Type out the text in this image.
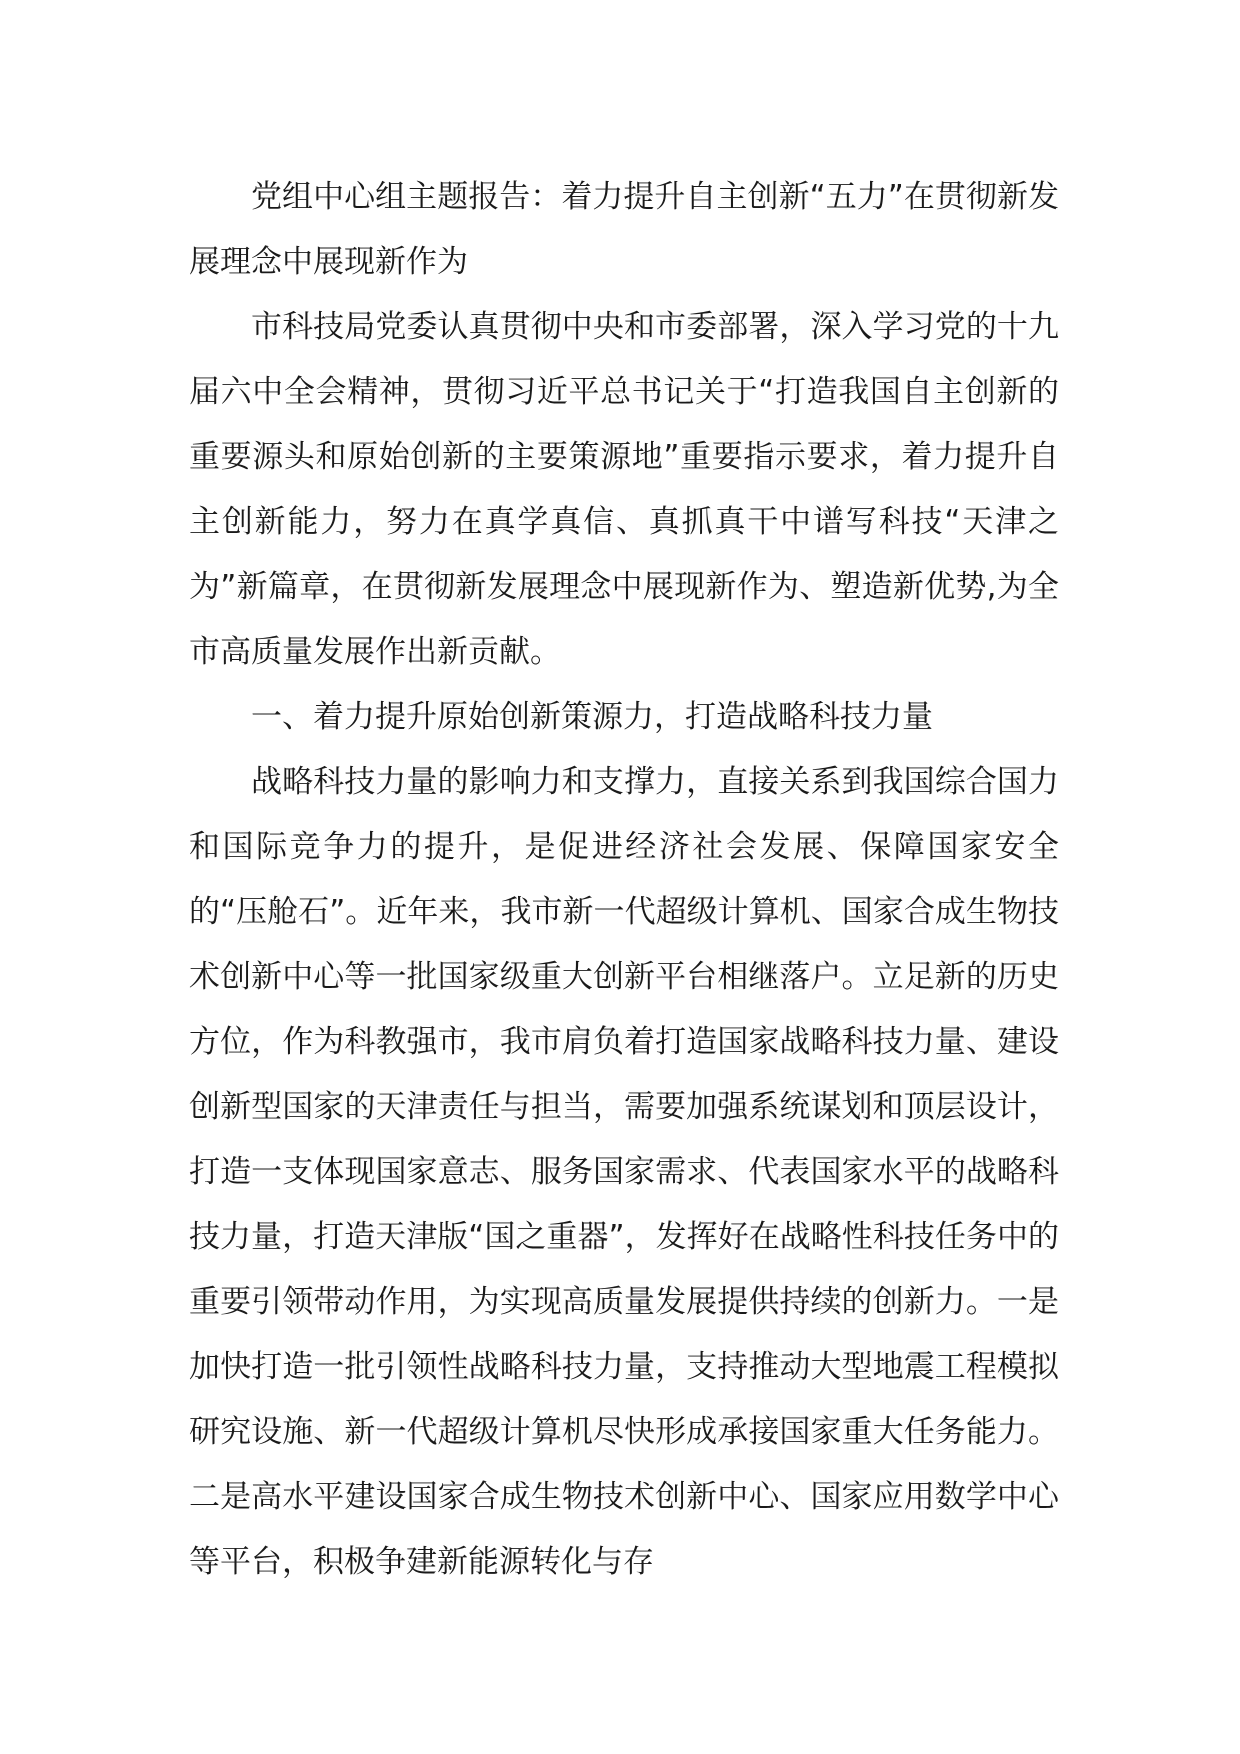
党组中心组主题报告：着力提升自主创新“五力”在贯彻新发展理念中展现新作为

市科技局党委认真贯彻中央和市委部署，深入学习党的十九届六中全会精神，贯彻习近平总书记关于“打造我国自主创新的重要源头和原始创新的主要策源地”重要指示要求，着力提升自主创新能力，努力在真学真信、真抓真干中谱写科技“天津之为”新篇章，在贯彻新发展理念中展现新作为、塑造新优势,为全市高质量发展作出新贡献。

一、着力提升原始创新策源力，打造战略科技力量

战略科技力量的影响力和支撑力，直接关系到我国综合国力和国际竞争力的提升，是促进经济社会发展、保障国家安全的“压舱石”。近年来，我市新一代超级计算机、国家合成生物技术创新中心等一批国家级重大创新平台相继落户。立足新的历史方位，作为科教强市，我市肩负着打造国家战略科技力量、建设创新型国家的天津责任与担当，需要加强系统谋划和顶层设计，打造一支体现国家意志、服务国家需求、代表国家水平的战略科技力量，打造天津版“国之重器”，发挥好在战略性科技任务中的重要引领带动作用，为实现高质量发展提供持续的创新力。一是加快打造一批引领性战略科技力量，支持推动大型地震工程模拟研究设施、新一代超级计算机尽快形成承接国家重大任务能力。二是高水平建设国家合成生物技术创新中心、国家应用数学中心等平台，积极争建新能源转化与存
